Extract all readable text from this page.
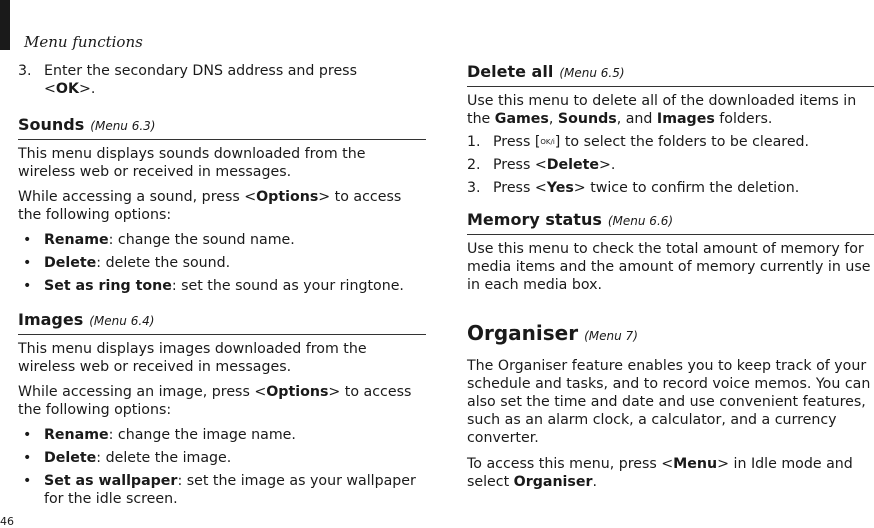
Menu functions
3. Enter the secondary DNS address and press
<OK>.
Sounds (Menu 6.3)

This menu displays sounds downloaded from the wireless web or received in messages.

While accessing a sound, press <Options> to access the following options:

• Rename: change the sound name.
• Delete: delete the sound.
• Set as ring tone: set the sound as your ringtone.
Images (Menu 6.4)

This menu displays images downloaded from the wireless web or received in messages.

While accessing an image, press <Options> to access the following options:

• Rename: change the image name.
• Delete: delete the image.
• Set as wallpaper: set the image as your wallpaper for the idle screen.
Delete all (Menu 6.5)

Use this menu to delete all of the downloaded items in the Games, Sounds, and Images folders.

1. Press [OK/i] to select the folders to be cleared.
2. Press <Delete>.
3. Press <Yes> twice to confirm the deletion.
Memory status (Menu 6.6)

Use this menu to check the total amount of memory for media items and the amount of memory currently in use in each media box.

Organiser (Menu 7)

The Organiser feature enables you to keep track of your schedule and tasks, and to record voice memos. You can also set the time and date and use convenient features, such as an alarm clock, a calculator, and a currency converter.

To access this menu, press <Menu> in Idle mode and select Organiser.

46
